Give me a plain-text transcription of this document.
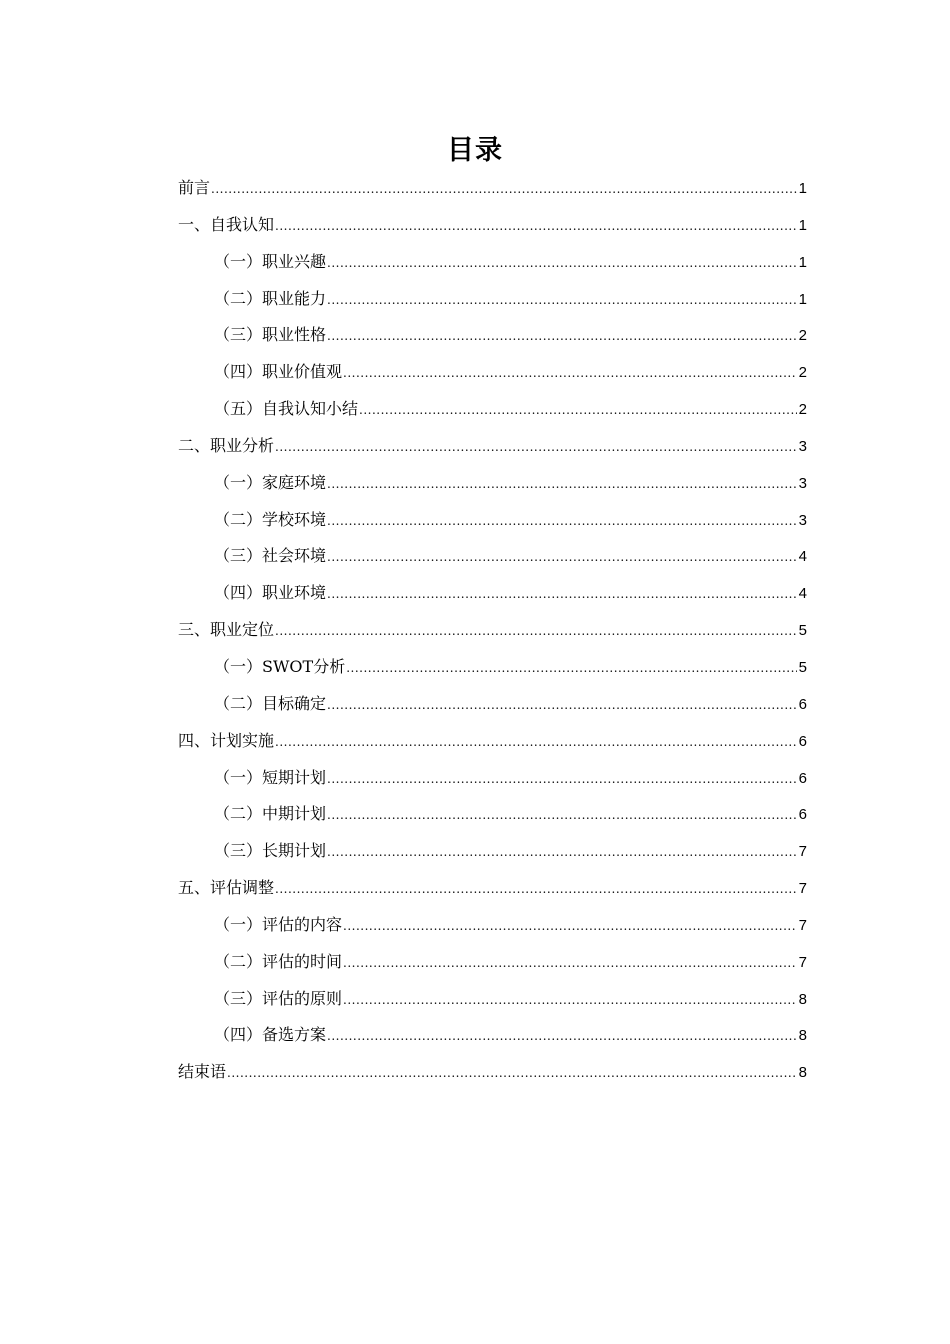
目录
前言 .....	1
一、自我认知 .....	1
（一）职业兴趣 .....	1
（二）职业能力 .....	1
（三）职业性格 .....	2
（四）职业价值观 .....	2
（五）自我认知小结 .....	2
二、职业分析 .....	3
（一）家庭环境 .....	3
（二）学校环境 .....	3
（三）社会环境 .....	4
（四）职业环境 .....	4
三、职业定位 .....	5
（一）SWOT分析 .....	5
（二）目标确定 .....	6
四、计划实施 .....	6
（一）短期计划 .....	6
（二）中期计划 .....	6
（三）长期计划 .....	7
五、评估调整 .....	7
（一）评估的内容 .....	7
（二）评估的时间 .....	7
（三）评估的原则 .....	8
（四）备选方案 .....	8
结束语 .....	8
